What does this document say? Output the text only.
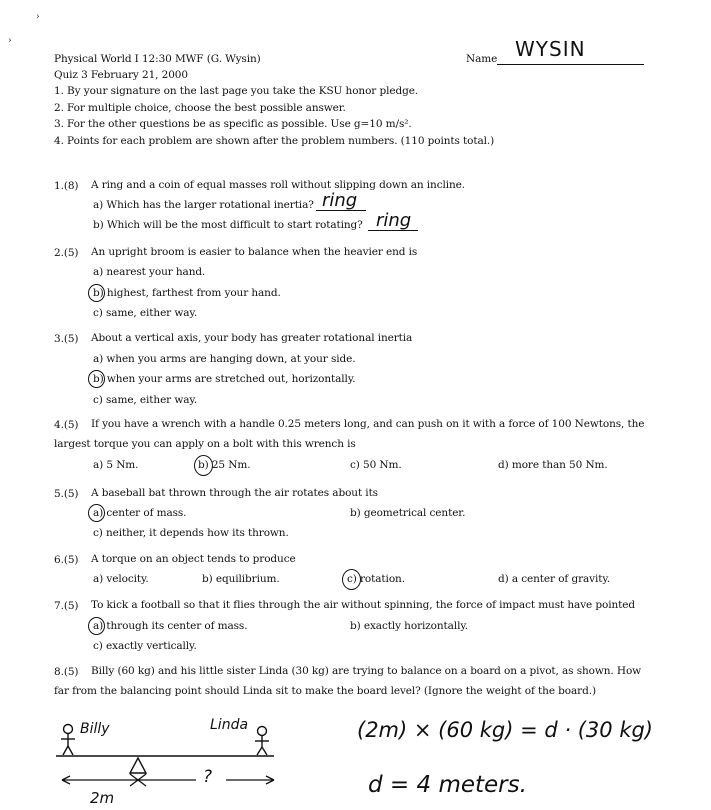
›
›
Physical World I 12:30 MWF (G. Wysin)
Quiz 3 February 21, 2000
Name WYSIN
1. By your signature on the last page you take the KSU honor pledge.
2. For multiple choice, choose the best possible answer.
3. For the other questions be as specific as possible. Use g=10 m/s².
4. Points for each problem are shown after the problem numbers. (110 points total.)
1.(8) A ring and a coin of equal masses roll without slipping down an incline.
a) Which has the larger rotational inertia? ring
b) Which will be the most difficult to start rotating? ring
2.(5) An upright broom is easier to balance when the heavier end is
a) nearest your hand.
b) highest, farthest from your hand.
c) same, either way.
3.(5) About a vertical axis, your body has greater rotational inertia
a) when you arms are hanging down, at your side.
b) when your arms are stretched out, horizontally.
c) same, either way.
4.(5) If you have a wrench with a handle 0.25 meters long, and can push on it with a force of 100 Newtons, the
largest torque you can apply on a bolt with this wrench is
a) 5 Nm.	b) 25 Nm.	c) 50 Nm.	d) more than 50 Nm.
5.(5) A baseball bat thrown through the air rotates about its
a) center of mass.	b) geometrical center.
c) neither, it depends how its thrown.
6.(5) A torque on an object tends to produce
a) velocity.	b) equilibrium.	c) rotation.	d) a center of gravity.
7.(5) To kick a football so that it flies through the air without spinning, the force of impact must have pointed
a) through its center of mass.	b) exactly horizontally.
c) exactly vertically.
8.(5) Billy (60 kg) and his little sister Linda (30 kg) are trying to balance on a board on a pivot, as shown. How
far from the balancing point should Linda sit to make the board level? (Ignore the weight of the board.)
Billy	Linda
2m
?
(2m) × (60 kg) = d · (30 kg)
d = 4 meters.
